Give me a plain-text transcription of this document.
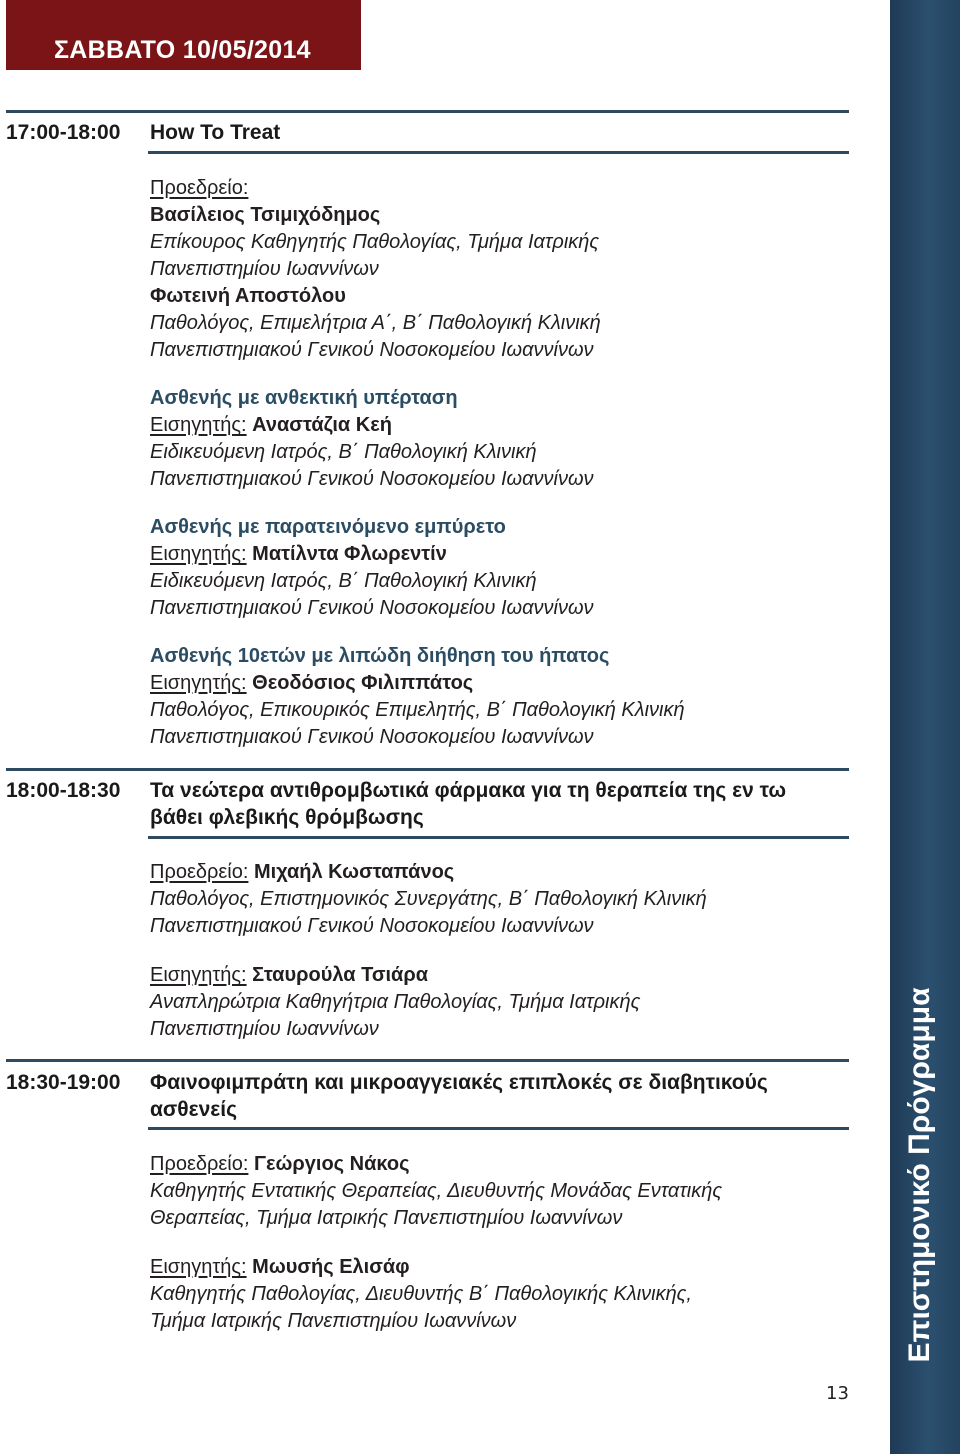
ΣΑΒΒΑΤΟ 10/05/2014
Επιστημονικό Πρόγραμμα
17:00-18:00 How To Treat
Προεδρείο:
Βασίλειος Τσιμιχόδημος
Επίκουρος Καθηγητής Παθολογίας, Τμήμα Ιατρικής
Πανεπιστημίου Ιωαννίνων
Φωτεινή Αποστόλου
Παθολόγος, Επιμελήτρια Α΄, Β΄ Παθολογική Κλινική
Πανεπιστημιακού Γενικού Νοσοκομείου Ιωαννίνων
Ασθενής με ανθεκτική υπέρταση
Εισηγητής: Αναστάζια Κεή
Ειδικευόμενη Ιατρός, Β΄ Παθολογική Κλινική
Πανεπιστημιακού Γενικού Νοσοκομείου Ιωαννίνων
Ασθενής με παρατεινόμενο εμπύρετο
Εισηγητής: Ματίλντα Φλωρεντίν
Ειδικευόμενη Ιατρός, Β΄ Παθολογική Κλινική
Πανεπιστημιακού Γενικού Νοσοκομείου Ιωαννίνων
Ασθενής 10ετών με λιπώδη διήθηση του ήπατος
Εισηγητής: Θεοδόσιος Φιλιππάτος
Παθολόγος, Επικουρικός Επιμελητής, Β΄ Παθολογική Κλινική
Πανεπιστημιακού Γενικού Νοσοκομείου Ιωαννίνων
18:00-18:30 Τα νεώτερα αντιθρομβωτικά φάρμακα για τη θεραπεία της εν τω
βάθει φλεβικής θρόμβωσης
Προεδρείο: Μιχαήλ Κωσταπάνος
Παθολόγος, Επιστημονικός Συνεργάτης, Β΄ Παθολογική Κλινική
Πανεπιστημιακού Γενικού Νοσοκομείου Ιωαννίνων
Εισηγητής: Σταυρούλα Τσιάρα
Αναπληρώτρια Καθηγήτρια Παθολογίας, Τμήμα Ιατρικής
Πανεπιστημίου Ιωαννίνων
18:30-19:00 Φαινοφιμπράτη και μικροαγγειακές επιπλοκές σε διαβητικούς
ασθενείς
Προεδρείο: Γεώργιος Νάκος
Καθηγητής Εντατικής Θεραπείας, Διευθυντής Μονάδας Εντατικής
Θεραπείας, Τμήμα Ιατρικής Πανεπιστημίου Ιωαννίνων
Εισηγητής: Μωυσής Ελισάφ
Καθηγητής Παθολογίας, Διευθυντής Β΄ Παθολογικής Κλινικής,
Τμήμα Ιατρικής Πανεπιστημίου Ιωαννίνων
13
